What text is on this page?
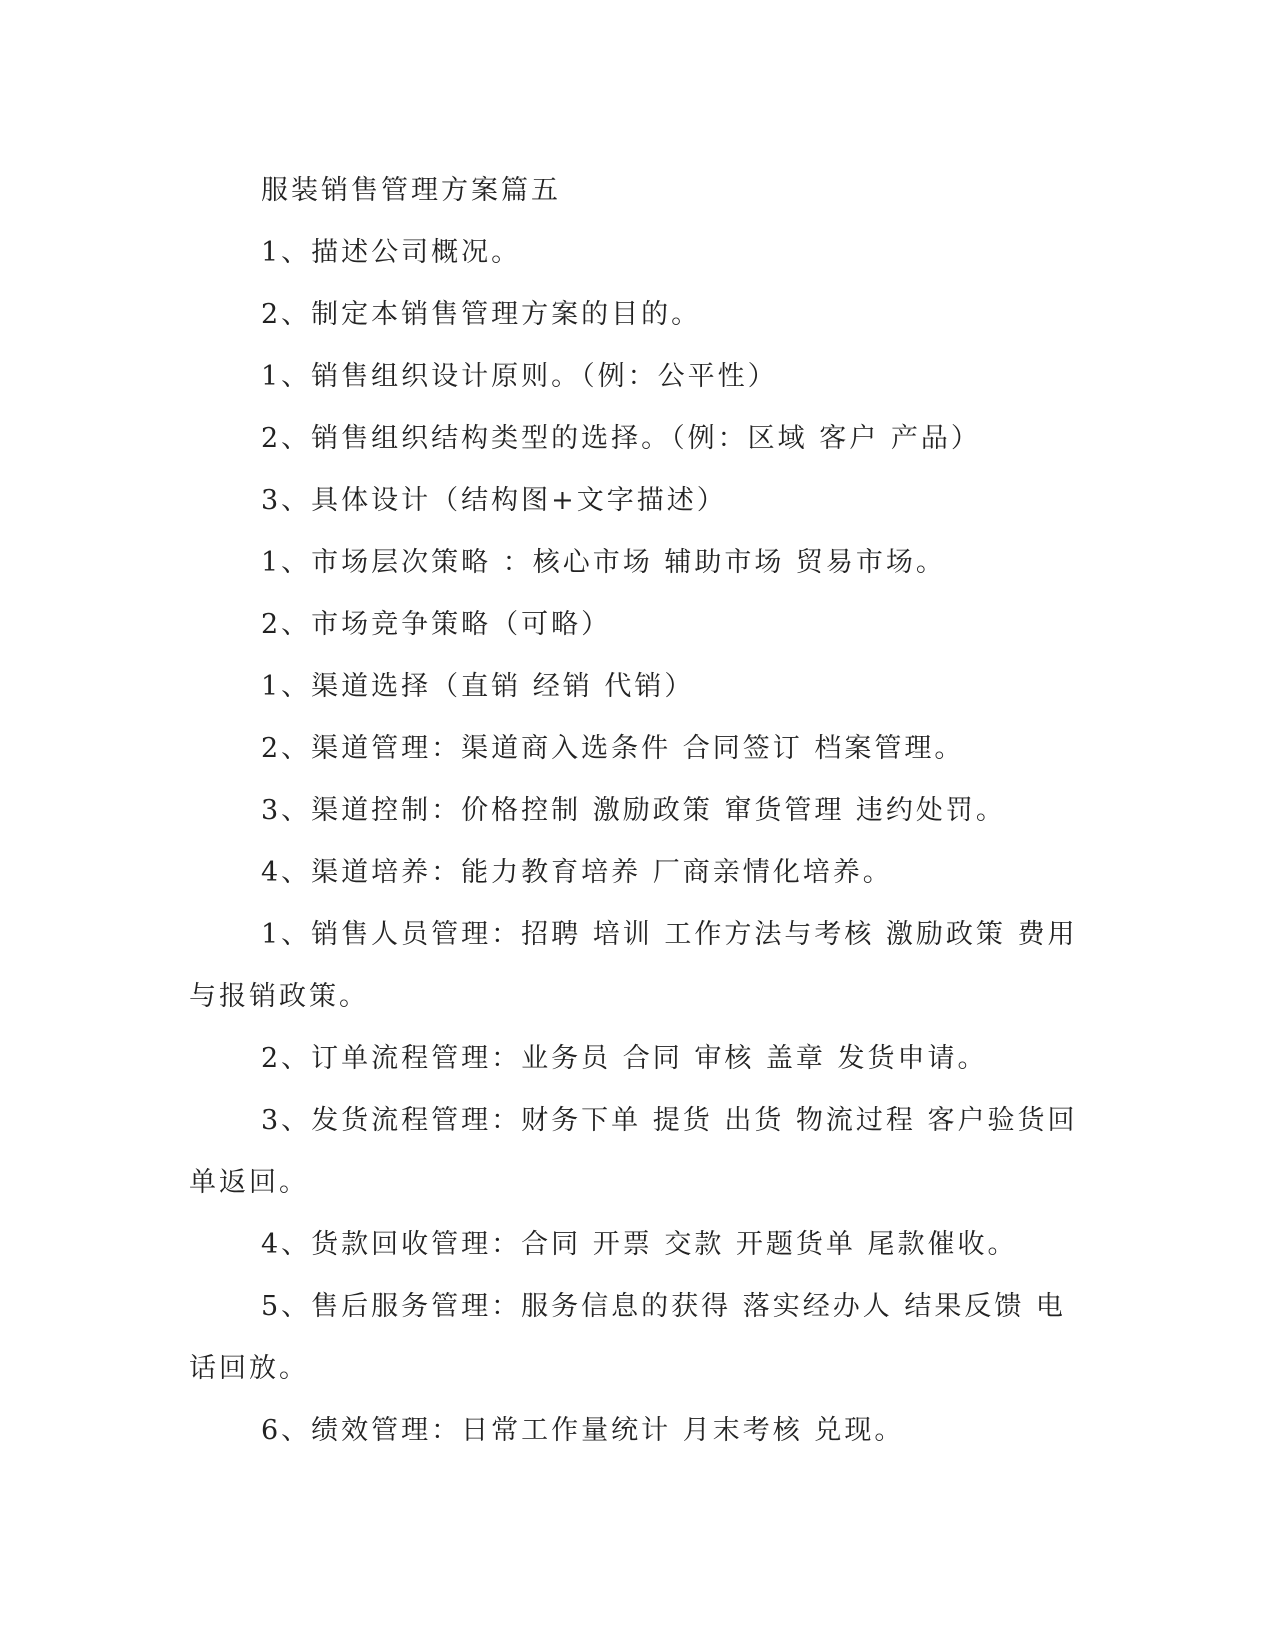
服装销售管理方案篇五

1、描述公司概况。

2、制定本销售管理方案的目的。

1、销售组织设计原则。（例：公平性）

2、销售组织结构类型的选择。（例：区域 客户 产品）

3、具体设计（结构图+文字描述）

1、市场层次策略 ：核心市场 辅助市场 贸易市场。

2、市场竞争策略（可略）

1、渠道选择（直销 经销 代销）

2、渠道管理：渠道商入选条件 合同签订 档案管理。

3、渠道控制：价格控制 激励政策 窜货管理 违约处罚。

4、渠道培养：能力教育培养 厂商亲情化培养。

1、销售人员管理：招聘 培训 工作方法与考核 激励政策 费用与报销政策。

2、订单流程管理：业务员 合同 审核 盖章 发货申请。

3、发货流程管理：财务下单 提货 出货 物流过程 客户验货回单返回。

4、货款回收管理：合同 开票 交款 开题货单 尾款催收。

5、售后服务管理：服务信息的获得 落实经办人 结果反馈 电话回放。

6、绩效管理：日常工作量统计 月末考核 兑现。
